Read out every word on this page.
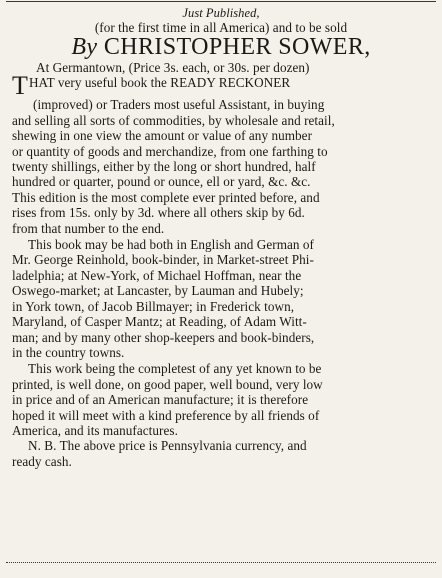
Just Published,
(for the first time in all America) and to be sold
By CHRISTOPHER SOWER,
At Germantown, (Price 3s. each, or 30s. per dozen)
THAT very useful book the READY RECKONER
(improved) or Traders most useful Assistant, in buying
and selling all sorts of commodities, by wholesale and retail,
shewing in one view the amount or value of any number
or quantity of goods and merchandize, from one farthing to
twenty shillings, either by the long or short hundred, half
hundred or quarter, pound or ounce, ell or yard, &c. &c.
This edition is the most complete ever printed before, and
rises from 15s. only by 3d. where all others skip by 6d.
from that number to the end.
This book may be had both in English and German of
Mr. George Reinhold, book-binder, in Market-street Phi-
ladelphia; at New-York, of Michael Hoffman, near the
Oswego-market; at Lancaster, by Lauman and Hubely;
in York town, of Jacob Billmayer; in Frederick town,
Maryland, of Casper Mantz; at Reading, of Adam Witt-
man; and by many other shop-keepers and book-binders,
in the country towns.
This work being the completest of any yet known to be
printed, is well done, on good paper, well bound, very low
in price and of an American manufacture; it is therefore
hoped it will meet with a kind preference by all friends of
America, and its manufactures.
N. B. The above price is Pennsylvania currency, and
ready cash.
